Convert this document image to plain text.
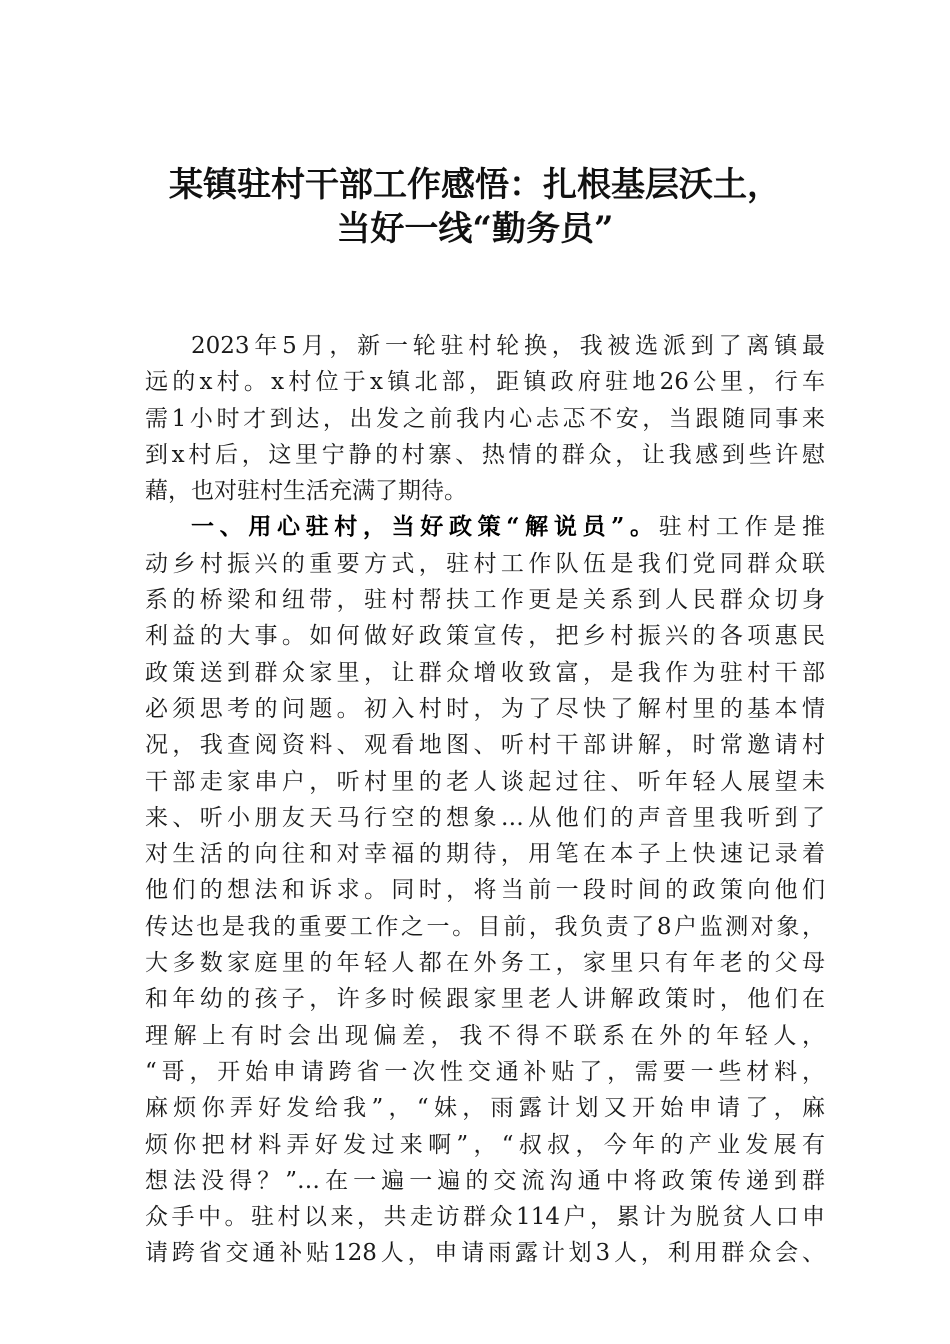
某镇驻村干部工作感悟：扎根基层沃土，
当好一线“勤务员”
2023年5月，新一轮驻村轮换，我被选派到了离镇最
远的x村。x村位于x镇北部，距镇政府驻地26公里，行车
需1小时才到达，出发之前我内心忐忑不安，当跟随同事来
到x村后，这里宁静的村寨、热情的群众，让我感到些许慰
藉，也对驻村生活充满了期待。
一、用心驻村，当好政策“解说员”。驻村工作是推
动乡村振兴的重要方式，驻村工作队伍是我们党同群众联
系的桥梁和纽带，驻村帮扶工作更是关系到人民群众切身
利益的大事。如何做好政策宣传，把乡村振兴的各项惠民
政策送到群众家里，让群众增收致富，是我作为驻村干部
必须思考的问题。初入村时，为了尽快了解村里的基本情
况，我查阅资料、观看地图、听村干部讲解，时常邀请村
干部走家串户，听村里的老人谈起过往、听年轻人展望未
来、听小朋友天马行空的想象…从他们的声音里我听到了
对生活的向往和对幸福的期待，用笔在本子上快速记录着
他们的想法和诉求。同时，将当前一段时间的政策向他们
传达也是我的重要工作之一。目前，我负责了8户监测对象，
大多数家庭里的年轻人都在外务工，家里只有年老的父母
和年幼的孩子，许多时候跟家里老人讲解政策时，他们在
理解上有时会出现偏差，我不得不联系在外的年轻人，
“哥，开始申请跨省一次性交通补贴了，需要一些材料，
麻烦你弄好发给我”，“妹，雨露计划又开始申请了，麻
烦你把材料弄好发过来啊”，“叔叔，今年的产业发展有
想法没得？”…在一遍一遍的交流沟通中将政策传递到群
众手中。驻村以来，共走访群众114户，累计为脱贫人口申
请跨省交通补贴128人，申请雨露计划3人，利用群众会、
